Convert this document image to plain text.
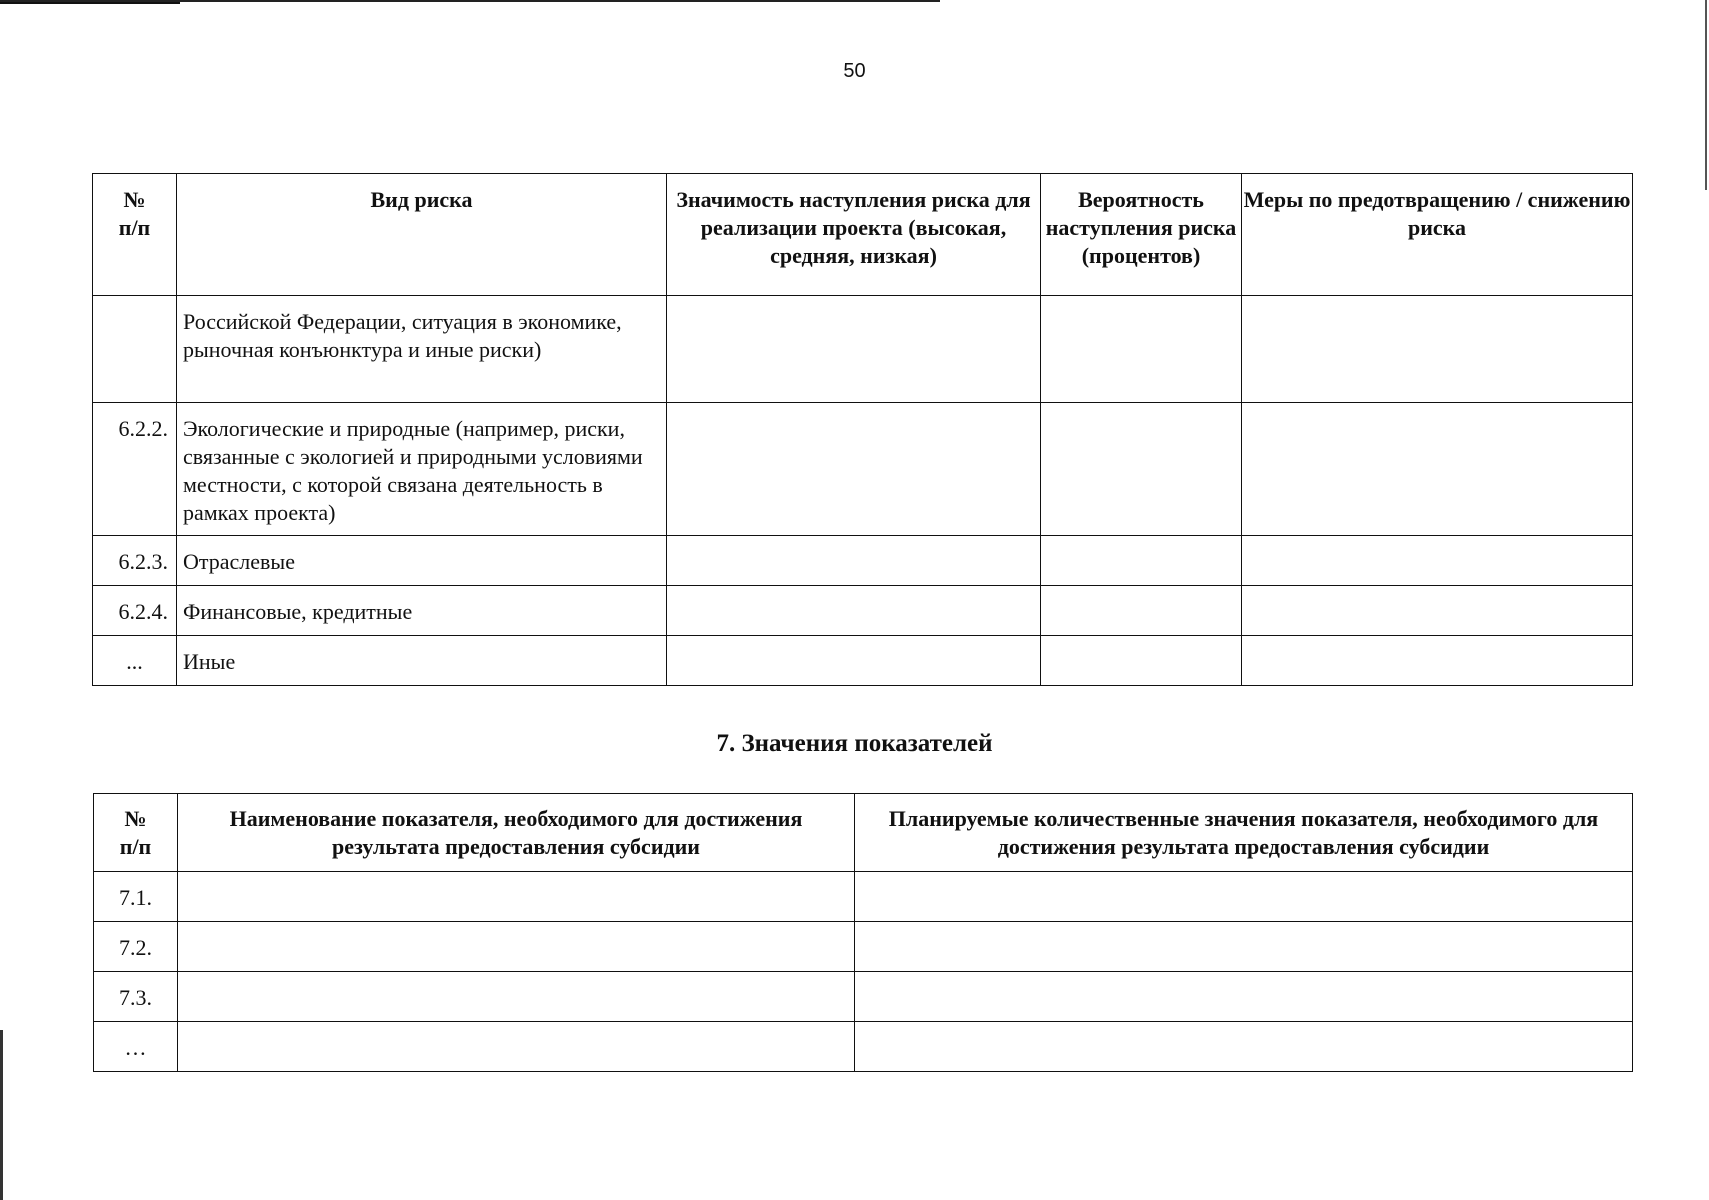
50
№
п/п	Вид риска	Значимость наступления риска для реализации проекта (высокая, средняя, низкая)	Вероятность наступления риска (процентов)	Меры по предотвращению / снижению риска
	Российской Федерации, ситуация в экономике, рыночная конъюнктура и иные риски)			
6.2.2.	Экологические и природные (например, риски, связанные с экологией и природными условиями местности, с которой связана деятельность в рамках проекта)			
6.2.3.	Отраслевые			
6.2.4.	Финансовые, кредитные			
...	Иные			
7. Значения показателей
№
п/п	Наименование показателя, необходимого для достижения результата предоставления субсидии	Планируемые количественные значения показателя, необходимого для достижения результата предоставления субсидии
7.1.		
7.2.		
7.3.		
…		
